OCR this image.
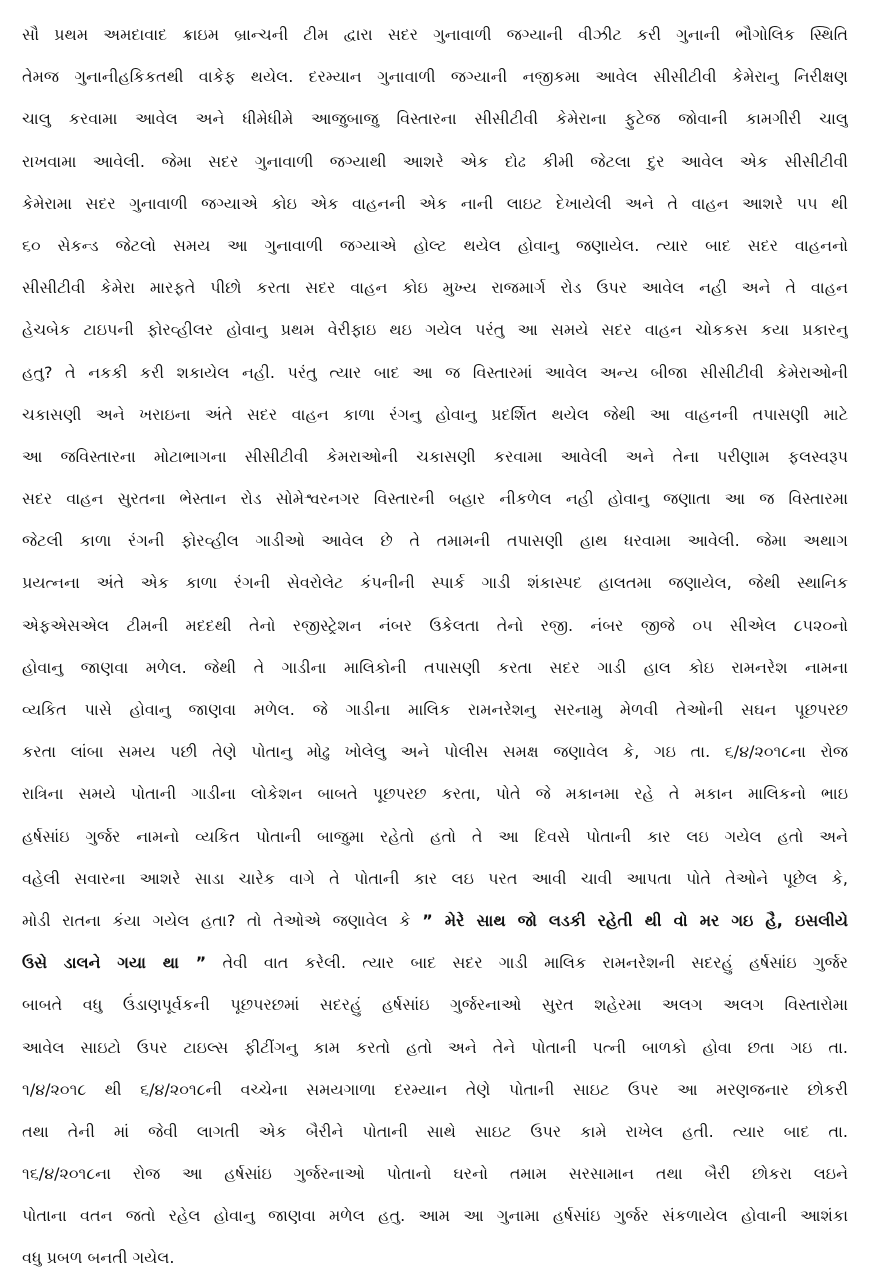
સૌ પ્રથમ અમદાવાદ ક્રાઇમ બ્રાન્ચની ટીમ દ્વારા સદર ગુનાવાળી જગ્યાની વીઝીટ કરી ગુનાની ભૌગોલિક સ્થિતિ
તેમજ ગુનાનીહકિકતથી વાકેફ થયેલ. દરમ્યાન ગુનાવાળી જગ્યાની નજીકમા આવેલ સીસીટીવી કેમેરાનુ નિરીક્ષણ
ચાલુ કરવામા આવેલ અને ધીમેધીમે આજુબાજુ વિસ્તારના સીસીટીવી કેમેરાના ફુટેજ જોવાની કામગીરી ચાલુ
રાખવામા આવેલી. જેમા સદર ગુનાવાળી જગ્યાથી આશરે એક દોઢ કીમી જેટલા દુર આવેલ એક સીસીટીવી
કેમેરામા સદર ગુનાવાળી જગ્યાએ કોઇ એક વાહનની એક નાની લાઇટ દેખાયેલી અને તે વાહન આશરે ૫૫ થી
૬૦ સેકન્ડ જેટલો સમય આ ગુનાવાળી જગ્યાએ હોલ્ટ થયેલ હોવાનુ જણાયેલ. ત્યાર બાદ સદર વાહનનો
સીસીટીવી કેમેરા મારફતે પીછો કરતા સદર વાહન કોઇ મુખ્ય રાજમાર્ગ રોડ ઉપર આવેલ નહી અને તે વાહન
હેચબેક ટાઇપની ફોરવ્હીલર હોવાનુ પ્રથમ વેરીફાઇ થઇ ગયેલ પરંતુ આ સમયે સદર વાહન ચોકકસ કયા પ્રકારનુ
હતુ? તે નકકી કરી શકાયેલ નહી. પરંતુ ત્યાર બાદ આ જ વિસ્તારમાં આવેલ અન્ય બીજા સીસીટીવી કેમેરાઓની
ચકાસણી અને ખરાઇના અંતે સદર વાહન કાળા રંગનુ હોવાનુ પ્રદર્શિત થયેલ જેથી આ વાહનની તપાસણી માટે
આ જવિસ્તારના મોટાભાગના સીસીટીવી કેમરાઓની ચકાસણી કરવામા આવેલી અને તેના પરીણામ ફલસ્વરૂપ
સદર વાહન સુરતના ભેસ્તાન રોડ સોમેશ્વરનગર વિસ્તારની બહાર નીકળેલ નહી હોવાનુ જણાતા આ જ વિસ્તારમા
જેટલી કાળા રંગની ફોરવ્હીલ ગાડીઓ આવેલ છે તે તમામની તપાસણી હાથ ધરવામા આવેલી. જેમા અથાગ
પ્રયત્નના અંતે એક કાળા રંગની સેવરોલેટ કંપનીની સ્પાર્ક ગાડી શંકાસ્પદ હાલતમા જણાયેલ, જેથી સ્થાનિક
એફએસએલ ટીમની મદદથી તેનો રજીસ્ટ્રેશન નંબર ઉકેલતા તેનો રજી. નંબર જીજે ૦૫ સીએલ ૮૫૨૦નો
હોવાનુ જાણવા મળેલ. જેથી તે ગાડીના માલિકોની તપાસણી કરતા સદર ગાડી હાલ કોઇ રામનરેશ નામના
વ્યકિત પાસે હોવાનુ જાણવા મળેલ. જે ગાડીના માલિક રામનરેશનુ સરનામુ મેળવી તેઓની સઘન પૂછપરછ
કરતા લાંબા સમય પછી તેણે પોતાનુ મોઢુ ખોલેલુ અને પોલીસ સમક્ષ જણાવેલ કે, ગઇ તા. ૬/૪/૨૦૧૮ના રોજ
રાત્રિના સમયે પોતાની ગાડીના લોકેશન બાબતે પૂછપરછ કરતા, પોતે જે મકાનમા રહે તે મકાન માલિકનો ભાઇ
હર્ષસાંઇ ગુર્જર નામનો વ્યકિત પોતાની બાજુમા રહેતો હતો તે આ દિવસે પોતાની કાર લઇ ગયેલ હતો અને
વહેલી સવારના આશરે સાડા ચારેક વાગે તે પોતાની કાર લઇ પરત આવી ચાવી આપતા પોતે તેઓને પૂછેલ કે,
મોડી રાતના કંયા ગયેલ હતા? તો તેઓએ જણાવેલ કે ” મેરે સાથ જો લડકી રહેતી થી વો મર ગઇ હૈ, ઇસલીયે
ઉસે ડાલને ગયા થા ” તેવી વાત કરેલી. ત્યાર બાદ સદર ગાડી માલિક રામનરેશની સદરહું હર્ષસાંઇ ગુર્જર
બાબતે વધુ ઉંડાણપૂર્વકની પૂછપરછમાં સદરહું હર્ષસાંઇ ગુર્જરનાઓ સુરત શહેરમા અલગ અલગ વિસ્તારોમા
આવેલ સાઇટો ઉપર ટાઇલ્સ ફીટીંગનુ કામ કરતો હતો અને તેને પોતાની પત્ની બાળકો હોવા છતા ગઇ તા.
૧/૪/૨૦૧૮ થી ૬/૪/૨૦૧૮ની વચ્ચેના સમયગાળા દરમ્યાન તેણે પોતાની સાઇટ ઉપર આ મરણજનાર છોકરી
તથા તેની માં જેવી લાગતી એક બૈરીને પોતાની સાથે સાઇટ ઉપર કામે રાખેલ હતી. ત્યાર બાદ તા.
૧૬/૪/૨૦૧૮ના રોજ આ હર્ષસાંઇ ગુર્જરનાઓ પોતાનો ઘરનો તમામ સરસામાન તથા બૈરી છોકરા લઇને
પોતાના વતન જતો રહેલ હોવાનુ જાણવા મળેલ હતુ. આમ આ ગુનામા હર્ષસાંઇ ગુર્જર સંકળાયેલ હોવાની આશંકા
વધુ પ્રબળ બનતી ગયેલ.
